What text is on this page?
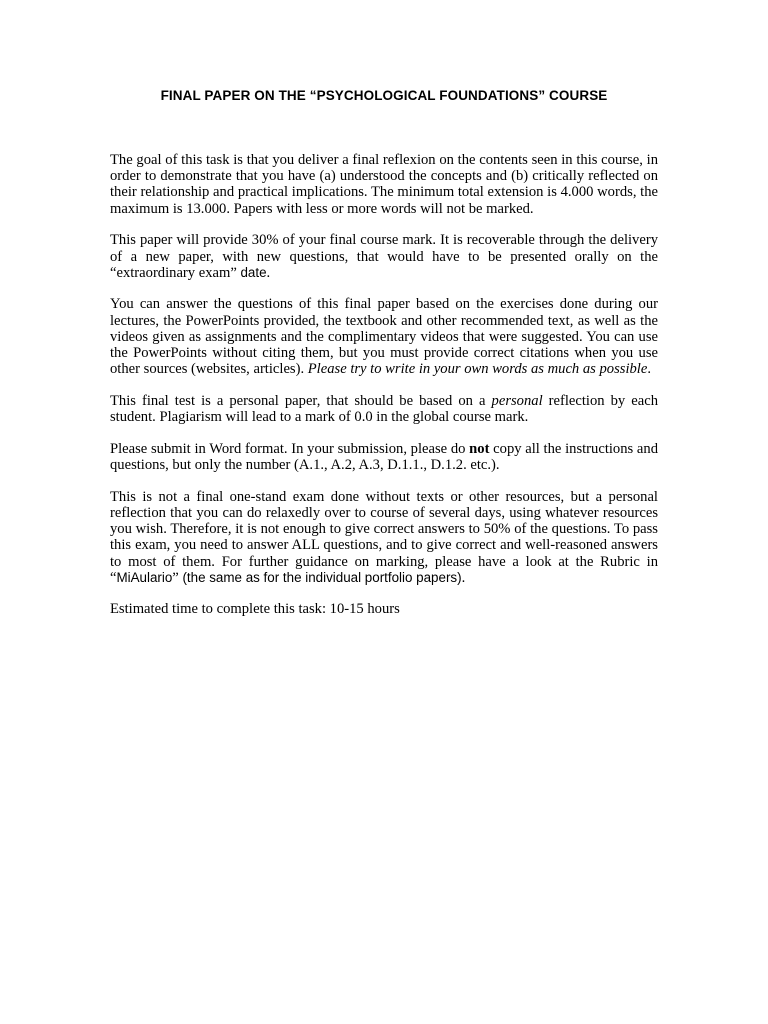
FINAL PAPER ON THE “PSYCHOLOGICAL FOUNDATIONS” COURSE

The goal of this task is that you deliver a final reflexion on the contents seen in this course, in order to demonstrate that you have (a) understood the concepts and (b) critically reflected on their relationship and practical implications. The minimum total extension is 4.000 words, the maximum is 13.000. Papers with less or more words will not be marked.

This paper will provide 30% of your final course mark. It is recoverable through the delivery of a new paper, with new questions, that would have to be presented orally on the “extraordinary exam” date.

You can answer the questions of this final paper based on the exercises done during our lectures, the PowerPoints provided, the textbook and other recommended text, as well as the videos given as assignments and the complimentary videos that were suggested. You can use the PowerPoints without citing them, but you must provide correct citations when you use other sources (websites, articles). Please try to write in your own words as much as possible.

This final test is a personal paper, that should be based on a personal reflection by each student. Plagiarism will lead to a mark of 0.0 in the global course mark.

Please submit in Word format. In your submission, please do not copy all the instructions and questions, but only the number (A.1., A.2, A.3, D.1.1., D.1.2. etc.).

This is not a final one-stand exam done without texts or other resources, but a personal reflection that you can do relaxedly over to course of several days, using whatever resources you wish. Therefore, it is not enough to give correct answers to 50% of the questions. To pass this exam, you need to answer ALL questions, and to give correct and well-reasoned answers to most of them. For further guidance on marking, please have a look at the Rubric in “MiAulario” (the same as for the individual portfolio papers).

Estimated time to complete this task: 10-15 hours
